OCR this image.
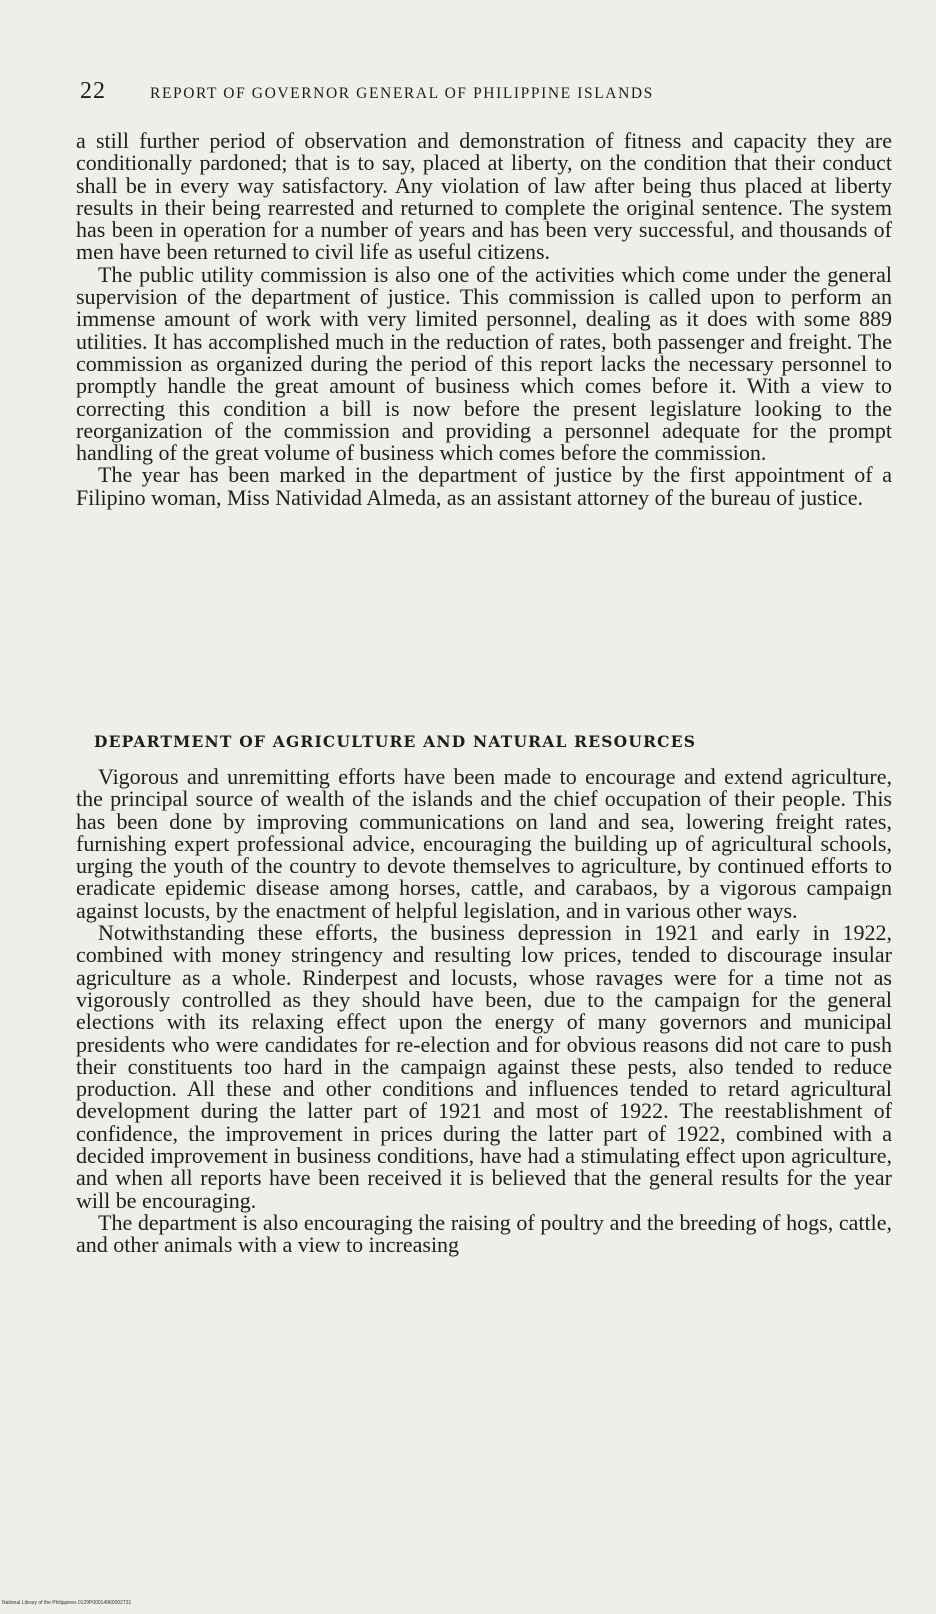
22	REPORT OF GOVERNOR GENERAL OF PHILIPPINE ISLANDS

a still further period of observation and demonstration of fitness and capacity they are conditionally pardoned; that is to say, placed at liberty, on the condition that their conduct shall be in every way satisfactory. Any violation of law after being thus placed at liberty results in their being rearrested and returned to complete the original sentence. The system has been in operation for a number of years and has been very successful, and thousands of men have been returned to civil life as useful citizens.

The public utility commission is also one of the activities which come under the general supervision of the department of justice. This commission is called upon to perform an immense amount of work with very limited personnel, dealing as it does with some 889 utilities. It has accomplished much in the reduction of rates, both passenger and freight. The commission as organized during the period of this report lacks the necessary personnel to promptly handle the great amount of business which comes before it. With a view to correcting this condition a bill is now before the present legislature looking to the reorganization of the commission and providing a personnel adequate for the prompt handling of the great volume of business which comes before the commission.

The year has been marked in the department of justice by the first appointment of a Filipino woman, Miss Natividad Almeda, as an assistant attorney of the bureau of justice.

DEPARTMENT OF AGRICULTURE AND NATURAL RESOURCES

Vigorous and unremitting efforts have been made to encourage and extend agriculture, the principal source of wealth of the islands and the chief occupation of their people. This has been done by improving communications on land and sea, lowering freight rates, furnishing expert professional advice, encouraging the building up of agricultural schools, urging the youth of the country to devote themselves to agriculture, by continued efforts to eradicate epidemic disease among horses, cattle, and carabaos, by a vigorous campaign against locusts, by the enactment of helpful legislation, and in various other ways.

Notwithstanding these efforts, the business depression in 1921 and early in 1922, combined with money stringency and resulting low prices, tended to discourage insular agriculture as a whole. Rinderpest and locusts, whose ravages were for a time not as vigorously controlled as they should have been, due to the campaign for the general elections with its relaxing effect upon the energy of many governors and municipal presidents who were candidates for re-election and for obvious reasons did not care to push their constituents too hard in the campaign against these pests, also tended to reduce production. All these and other conditions and influences tended to retard agricultural development during the latter part of 1921 and most of 1922. The reestablishment of confidence, the improvement in prices during the latter part of 1922, combined with a decided improvement in business conditions, have had a stimulating effect upon agriculture, and when all reports have been received it is believed that the general results for the year will be encouraging.

The department is also encouraging the raising of poultry and the breeding of hogs, cattle, and other animals with a view to increasing

National Library of the Philippines 0129P00014960002731
